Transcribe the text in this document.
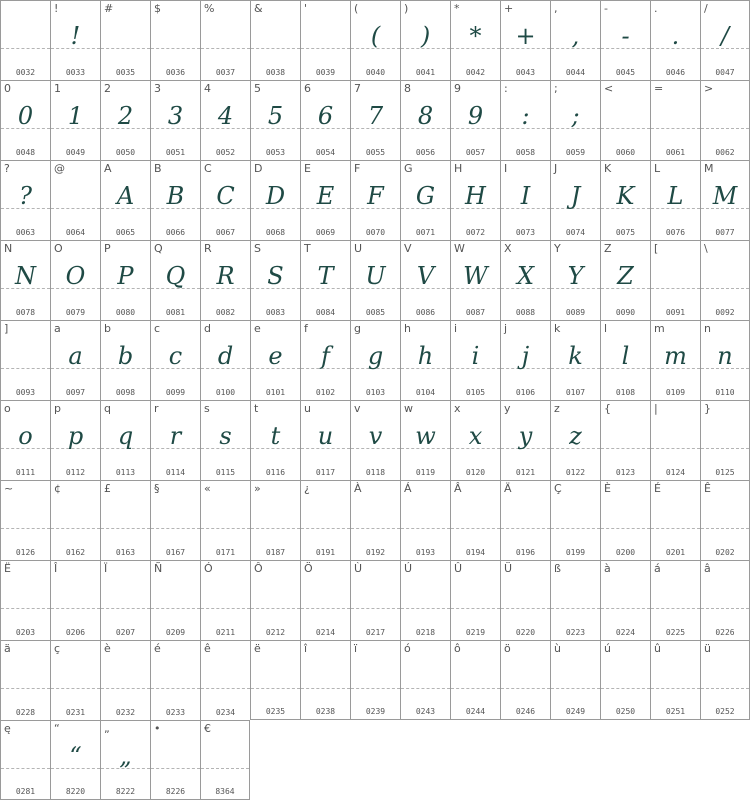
0032
!
!
0033
#
0035
$
0036
%
0037
&
0038
'
0039
(
(
0040
)
)
0041
*
*
0042
+
+
0043
,
,
0044
-
-
0045
.
.
0046
/
/
0047
0
0
0048
1
1
0049
2
2
0050
3
3
0051
4
4
0052
5
5
0053
6
6
0054
7
7
0055
8
8
0056
9
9
0057
:
:
0058
;
;
0059
<
0060
=
0061
>
0062
?
?
0063
@
0064
A
A
0065
B
B
0066
C
C
0067
D
D
0068
E
E
0069
F
F
0070
G
G
0071
H
H
0072
I
I
0073
J
J
0074
K
K
0075
L
L
0076
M
M
0077
N
N
0078
O
O
0079
P
P
0080
Q
Q
0081
R
R
0082
S
S
0083
T
T
0084
U
U
0085
V
V
0086
W
W
0087
X
X
0088
Y
Y
0089
Z
Z
0090
[
0091
\
0092
]
0093
a
a
0097
b
b
0098
c
c
0099
d
d
0100
e
e
0101
f
f
0102
g
g
0103
h
h
0104
i
i
0105
j
j
0106
k
k
0107
l
l
0108
m
m
0109
n
n
0110
o
o
0111
p
p
0112
q
q
0113
r
r
0114
s
s
0115
t
t
0116
u
u
0117
v
v
0118
w
w
0119
x
x
0120
y
y
0121
z
z
0122
{
0123
|
0124
}
0125
~
0126
¢
0162
£
0163
§
0167
«
0171
»
0187
¿
0191
À
0192
Á
0193
Â
0194
Ä
0196
Ç
0199
È
0200
É
0201
Ê
0202
Ë
0203
Î
0206
Ï
0207
Ñ
0209
Ó
0211
Ô
0212
Ö
0214
Ù
0217
Ú
0218
Û
0219
Ü
0220
ß
0223
à
0224
á
0225
â
0226
ä
0228
ç
0231
è
0232
é
0233
ê
0234
ë
0235
î
0238
ï
0239
ó
0243
ô
0244
ö
0246
ù
0249
ú
0250
û
0251
ü
0252
ę
0281
“
“
8220
„
„
8222
•
8226
€
8364
